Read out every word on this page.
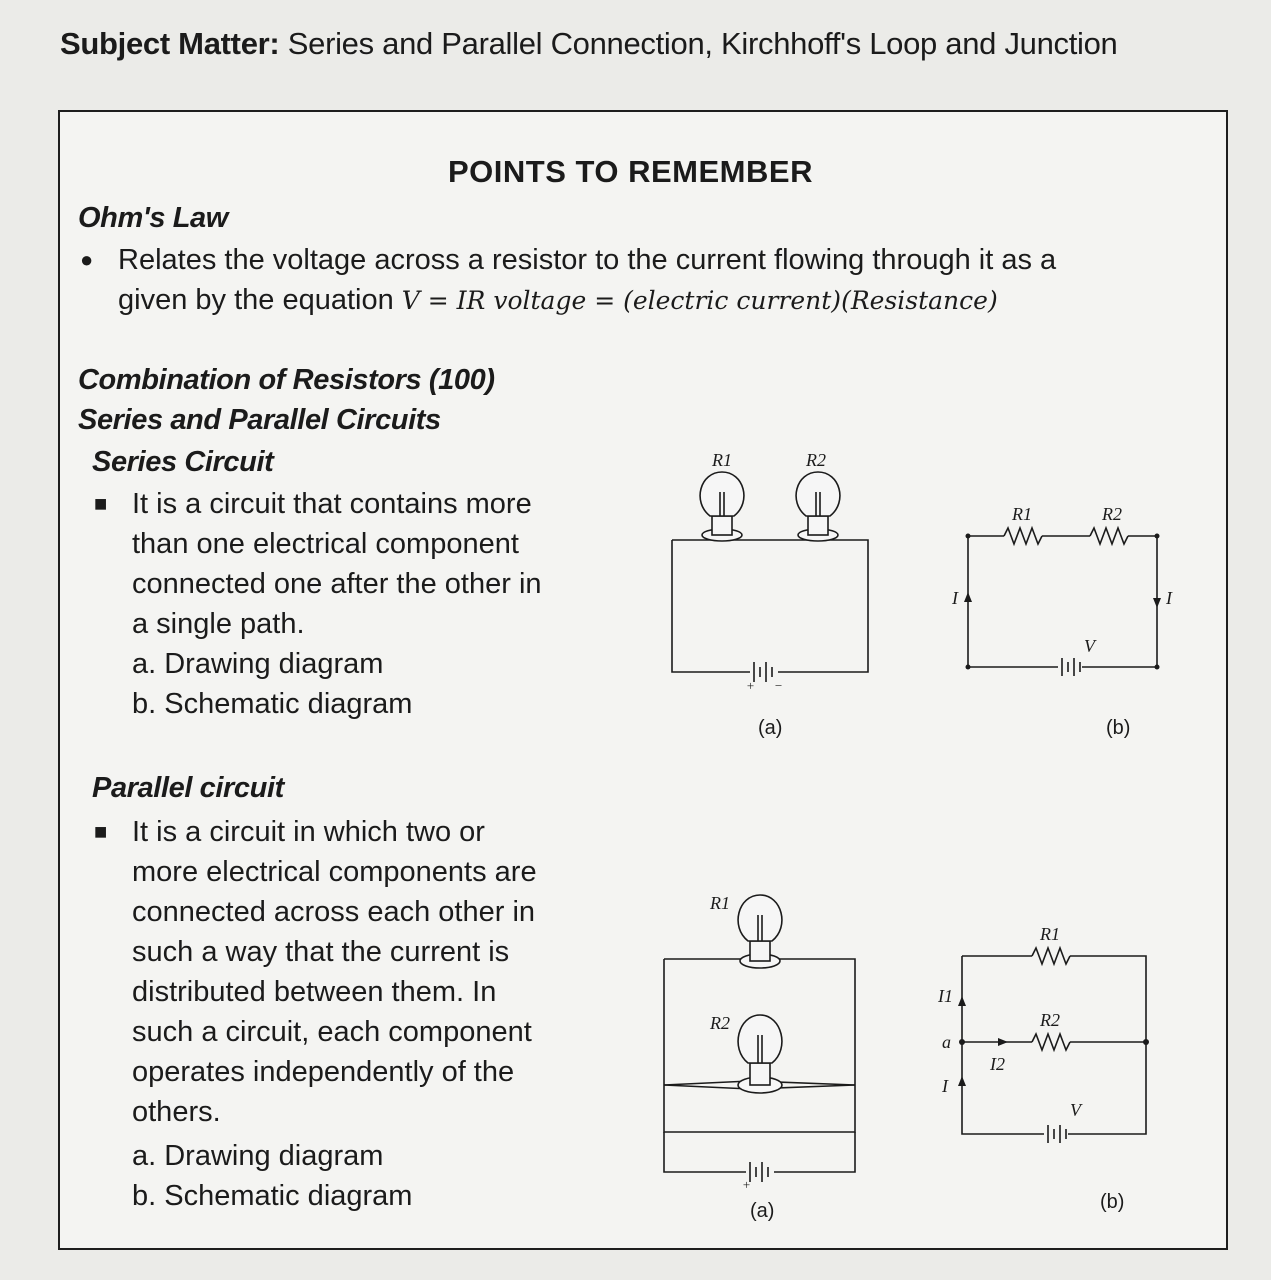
Subject Matter: Series and Parallel Connection, Kirchhoff's Loop and Junction
POINTS TO REMEMBER
Ohm's Law
● Relates the voltage across a resistor to the current flowing through it as a
given by the equation V = IR voltage = (electric current)(Resistance)
Combination of Resistors (100)
Series and Parallel Circuits
Series Circuit
■ It is a circuit that contains more
than one electrical component
connected one after the other in
a single path.
a. Drawing diagram
b. Schematic diagram
Parallel circuit
■ It is a circuit in which two or
more electrical components are
connected across each other in
such a way that the current is
distributed between them. In
such a circuit, each component
operates independently of the
others.
a. Drawing diagram
b. Schematic diagram
R1	R2
+ −
(a)
R1	R2
I	I
V
(b)
R1
R2
+
(a)
R1
R2
I1
a
I2
I
V
(b)
